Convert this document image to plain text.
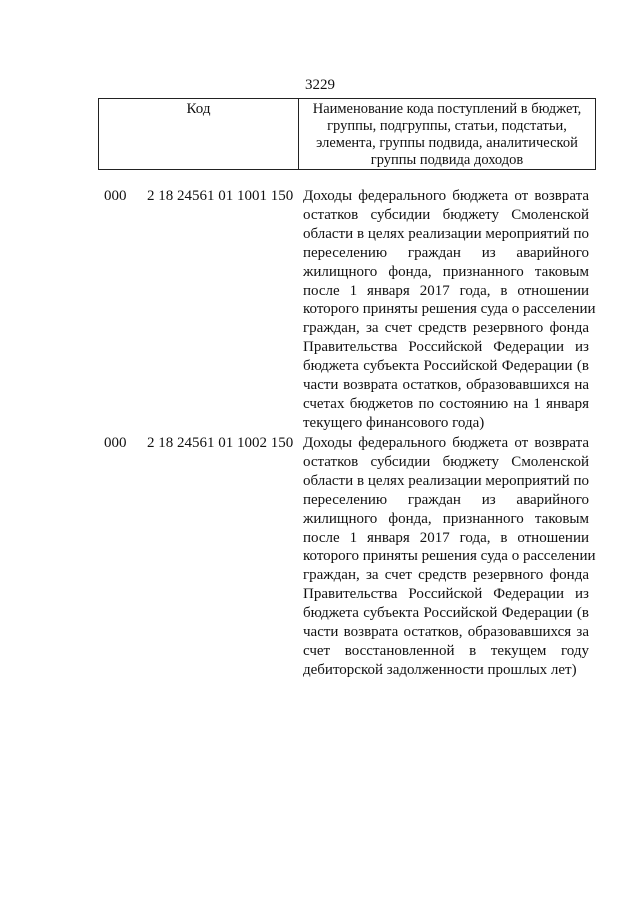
3229
Код	Наименование кода поступлений в бюджет, группы, подгруппы, статьи, подстатьи, элемента, группы подвида, аналитической группы подвида доходов
000 2 18 24561 01 1001 150 Доходы федерального бюджета от возврата
остатков субсидии бюджету Смоленской
области в целях реализации мероприятий по
переселению граждан из аварийного
жилищного фонда, признанного таковым
после 1 января 2017 года, в отношении
которого приняты решения суда о расселении
граждан, за счет средств резервного фонда
Правительства Российской Федерации из
бюджета субъекта Российской Федерации (в
части возврата остатков, образовавшихся на
счетах бюджетов по состоянию на 1 января
текущего финансового года)
000 2 18 24561 01 1002 150 Доходы федерального бюджета от возврата
остатков субсидии бюджету Смоленской
области в целях реализации мероприятий по
переселению граждан из аварийного
жилищного фонда, признанного таковым
после 1 января 2017 года, в отношении
которого приняты решения суда о расселении
граждан, за счет средств резервного фонда
Правительства Российской Федерации из
бюджета субъекта Российской Федерации (в
части возврата остатков, образовавшихся за
счет восстановленной в текущем году
дебиторской задолженности прошлых лет)
